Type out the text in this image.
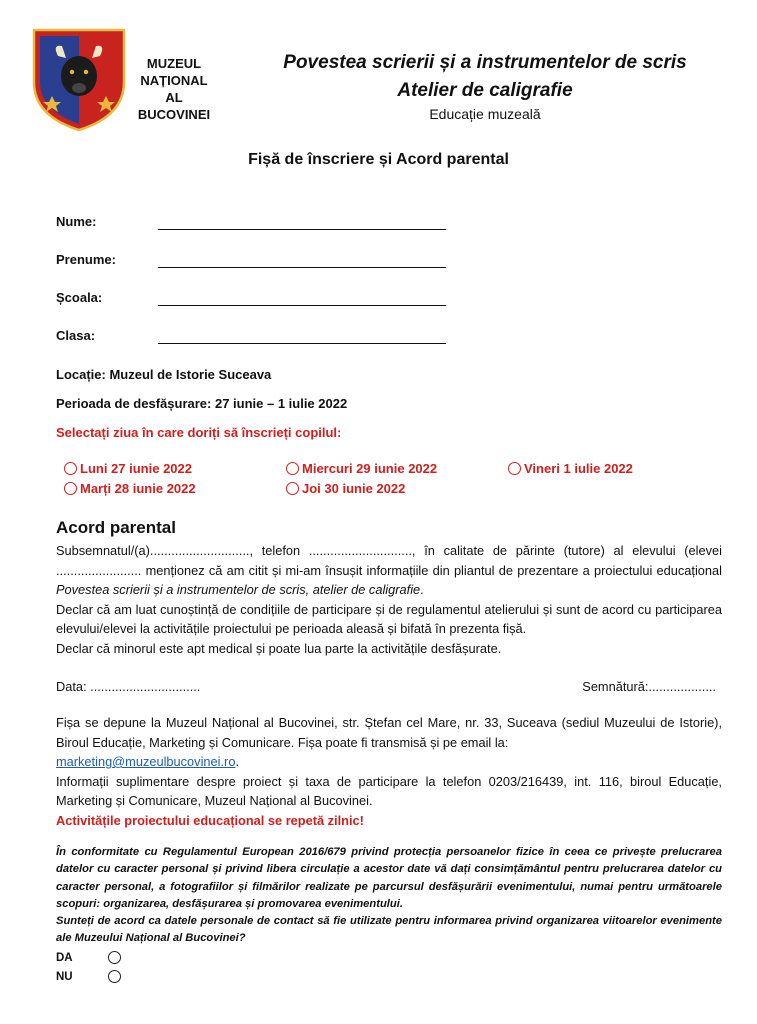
MUZEUL
NAȚIONAL
AL BUCOVINEI
Povestea scrierii și a instrumentelor de scris
Atelier de caligrafie
Educație muzeală
Fișă de înscriere și Acord parental
Nume:
Prenume:
Școala:
Clasa:
Locație: Muzeul de Istorie Suceava
Perioada de desfășurare: 27 iunie – 1 iulie 2022
Selectați ziua în care doriți să înscrieți copilul:
Luni 27 iunie 2022	Miercuri 29 iunie 2022	Vineri 1 iulie 2022
Marți 28 iunie 2022	Joi 30 iunie 2022
Acord parental

Subsemnatul/(a)............................, telefon ............................., în calitate de părinte (tutore) al elevului (elevei ........................ menționez că am citit și mi-am însușit informațiile din pliantul de prezentare a proiectului educațional Povestea scrierii și a instrumentelor de scris, atelier de caligrafie.

Declar că am luat cunoștință de condițiile de participare și de regulamentul atelierului și sunt de acord cu participarea elevului/elevei la activitățile proiectului pe perioada aleasă și bifată în prezenta fișă.

Declar că minorul este apt medical și poate lua parte la activitățile desfășurate.

Data: ...............................	Semnătură:...................

Fișa se depune la Muzeul Național al Bucovinei, str. Ștefan cel Mare, nr. 33, Suceava (sediul Muzeului de Istorie), Biroul Educație, Marketing și Comunicare. Fișa poate fi transmisă și pe email la:
marketing@muzeulbucovinei.ro.

Informații suplimentare despre proiect și taxa de participare la telefon 0203/216439, int. 116, biroul Educație, Marketing și Comunicare, Muzeul Național al Bucovinei.

Activitățile proiectului educațional se repetă zilnic!

În conformitate cu Regulamentul European 2016/679 privind protecția persoanelor fizice în ceea ce privește prelucrarea datelor cu caracter personal și privind libera circulație a acestor date vă dați consimțământul pentru prelucrarea datelor cu caracter personal, a fotografiilor și filmărilor realizate pe parcursul desfășurării evenimentului, numai pentru următoarele scopuri: organizarea, desfășurarea și promovarea evenimentului.

Sunteți de acord ca datele personale de contact să fie utilizate pentru informarea privind organizarea viitoarelor evenimente ale Muzeului Național al Bucovinei?

DA
NU
